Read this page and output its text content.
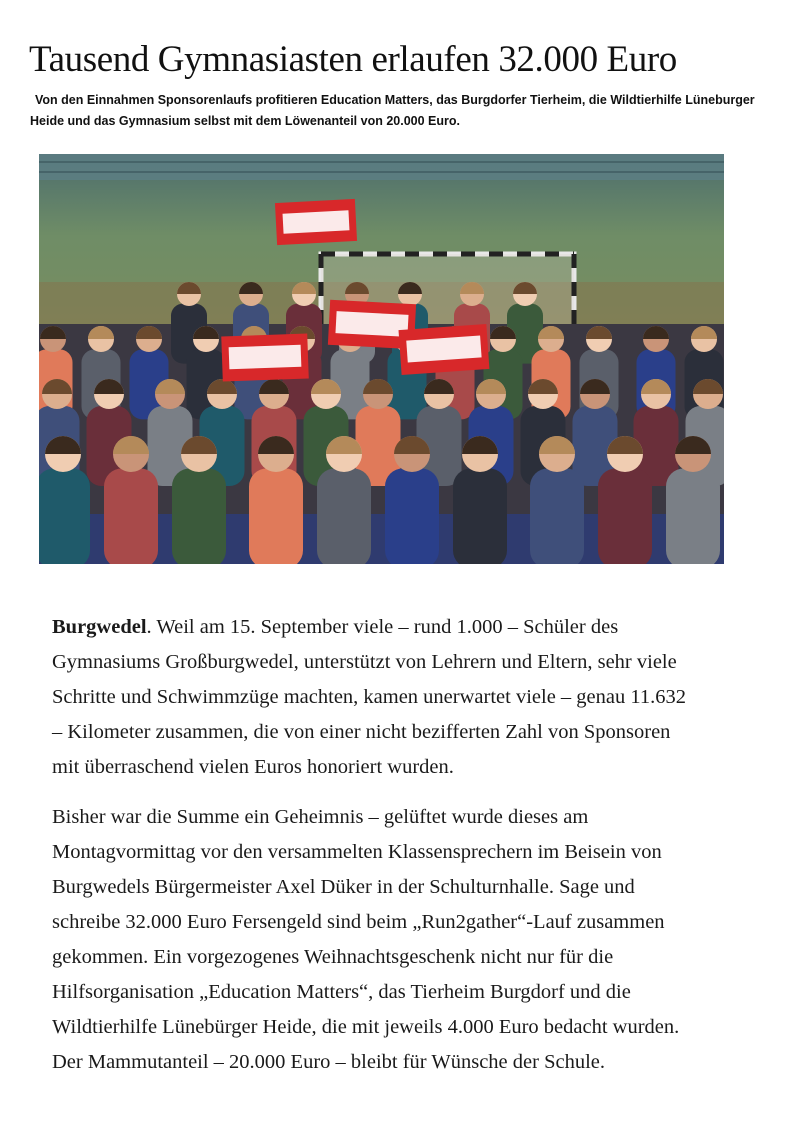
Tausend Gymnasiasten erlaufen 32.000 Euro
Von den Einnahmen Sponsorenlaufs profitieren Education Matters, das Burgdorfer Tierheim, die Wildtierhilfe Lüneburger
Heide und das Gymnasium selbst mit dem Löwenanteil von 20.000 Euro.
Burgwedel. Weil am 15. September viele – rund 1.000 – Schüler des
Gymnasiums Großburgwedel, unterstützt von Lehrern und Eltern, sehr viele
Schritte und Schwimmzüge machten, kamen unerwartet viele – genau 11.632
– Kilometer zusammen, die von einer nicht bezifferten Zahl von Sponsoren
mit überraschend vielen Euros honoriert wurden.
Bisher war die Summe ein Geheimnis – gelüftet wurde dieses am
Montagvormittag vor den versammelten Klassensprechern im Beisein von
Burgwedels Bürgermeister Axel Düker in der Schulturnhalle. Sage und
schreibe 32.000 Euro Fersengeld sind beim „Run2gather“-Lauf zusammen
gekommen. Ein vorgezogenes Weihnachtsgeschenk nicht nur für die
Hilfsorganisation „Education Matters“, das Tierheim Burgdorf und die
Wildtierhilfe Lünebürger Heide, die mit jeweils 4.000 Euro bedacht wurden.
Der Mammutanteil – 20.000 Euro – bleibt für Wünsche der Schule.
